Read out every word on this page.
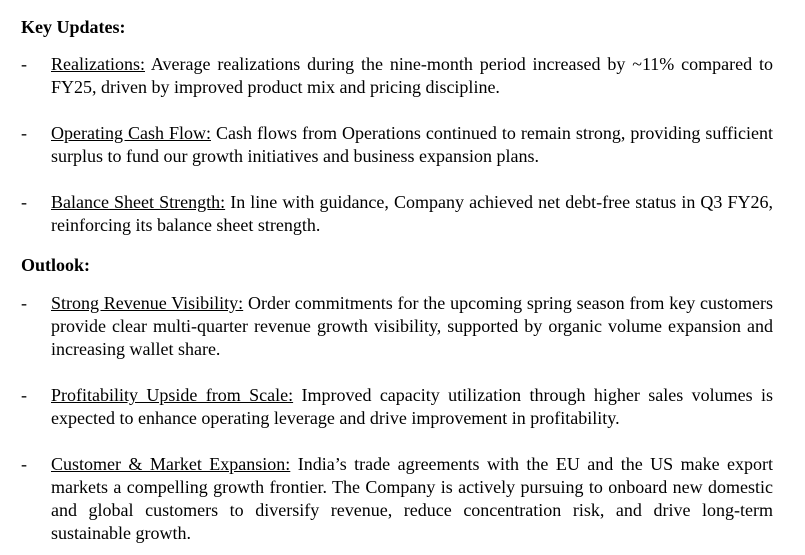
Key Updates:
- Realizations: Average realizations during the nine-month period increased by ~11% compared to FY25, driven by improved product mix and pricing discipline.
- Operating Cash Flow: Cash flows from Operations continued to remain strong, providing sufficient surplus to fund our growth initiatives and business expansion plans.
- Balance Sheet Strength: In line with guidance, Company achieved net debt-free status in Q3 FY26, reinforcing its balance sheet strength.
Outlook:
- Strong Revenue Visibility: Order commitments for the upcoming spring season from key customers provide clear multi-quarter revenue growth visibility, supported by organic volume expansion and increasing wallet share.
- Profitability Upside from Scale: Improved capacity utilization through higher sales volumes is expected to enhance operating leverage and drive improvement in profitability.
- Customer & Market Expansion: India’s trade agreements with the EU and the US make export markets a compelling growth frontier. The Company is actively pursuing to onboard new domestic and global customers to diversify revenue, reduce concentration risk, and drive long-term sustainable growth.
